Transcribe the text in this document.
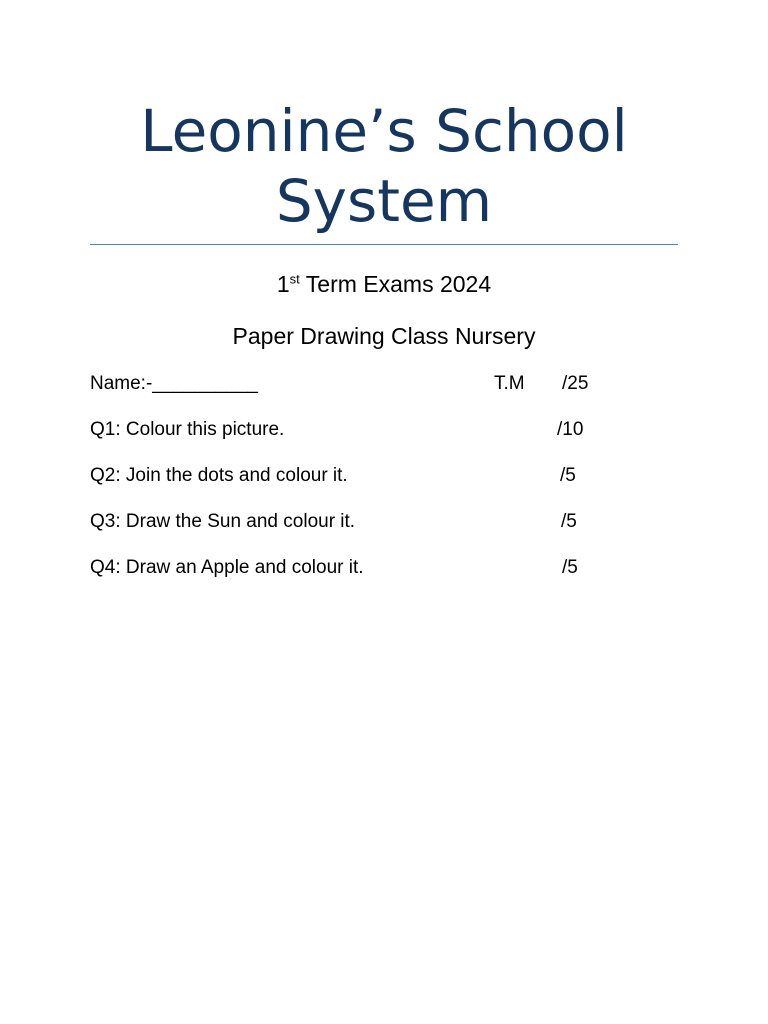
Leonine’s School
System
1st Term Exams 2024
Paper Drawing Class Nursery
Name:-__________	T.M /25
Q1: Colour this picture.	/10
Q2: Join the dots and colour it.	/5
Q3: Draw the Sun and colour it.	/5
Q4: Draw an Apple and colour it.	/5
